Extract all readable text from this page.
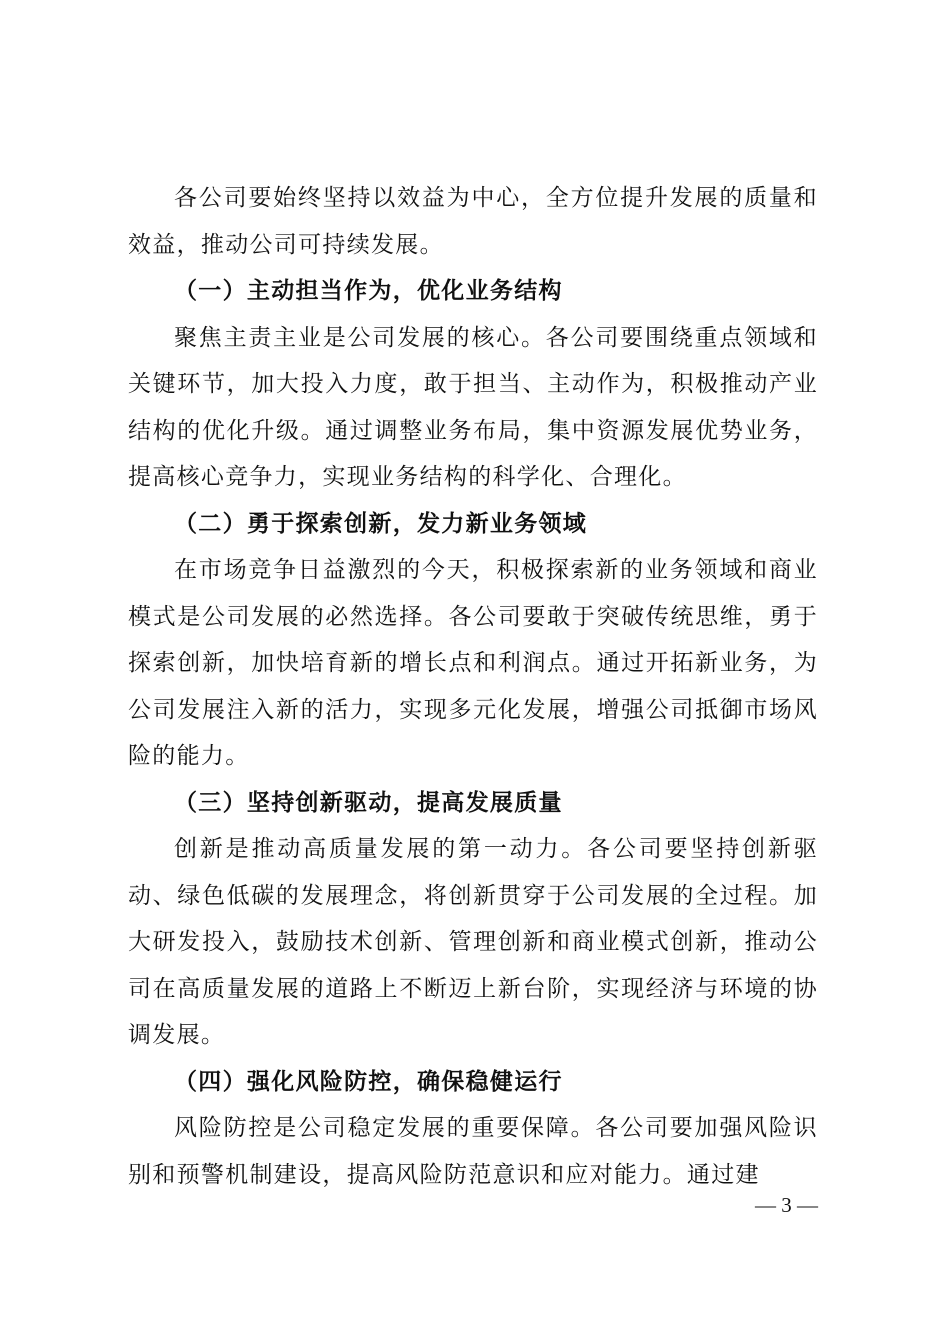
各公司要始终坚持以效益为中心，全方位提升发展的质量和效益，推动公司可持续发展。

（一）主动担当作为，优化业务结构

聚焦主责主业是公司发展的核心。各公司要围绕重点领域和关键环节，加大投入力度，敢于担当、主动作为，积极推动产业结构的优化升级。通过调整业务布局，集中资源发展优势业务，提高核心竞争力，实现业务结构的科学化、合理化。

（二）勇于探索创新，发力新业务领域

在市场竞争日益激烈的今天，积极探索新的业务领域和商业模式是公司发展的必然选择。各公司要敢于突破传统思维，勇于探索创新，加快培育新的增长点和利润点。通过开拓新业务，为公司发展注入新的活力，实现多元化发展，增强公司抵御市场风险的能力。

（三）坚持创新驱动，提高发展质量

创新是推动高质量发展的第一动力。各公司要坚持创新驱动、绿色低碳的发展理念，将创新贯穿于公司发展的全过程。加大研发投入，鼓励技术创新、管理创新和商业模式创新，推动公司在高质量发展的道路上不断迈上新台阶，实现经济与环境的协调发展。

（四）强化风险防控，确保稳健运行

风险防控是公司稳定发展的重要保障。各公司要加强风险识别和预警机制建设，提高风险防范意识和应对能力。通过建

— 3 —
